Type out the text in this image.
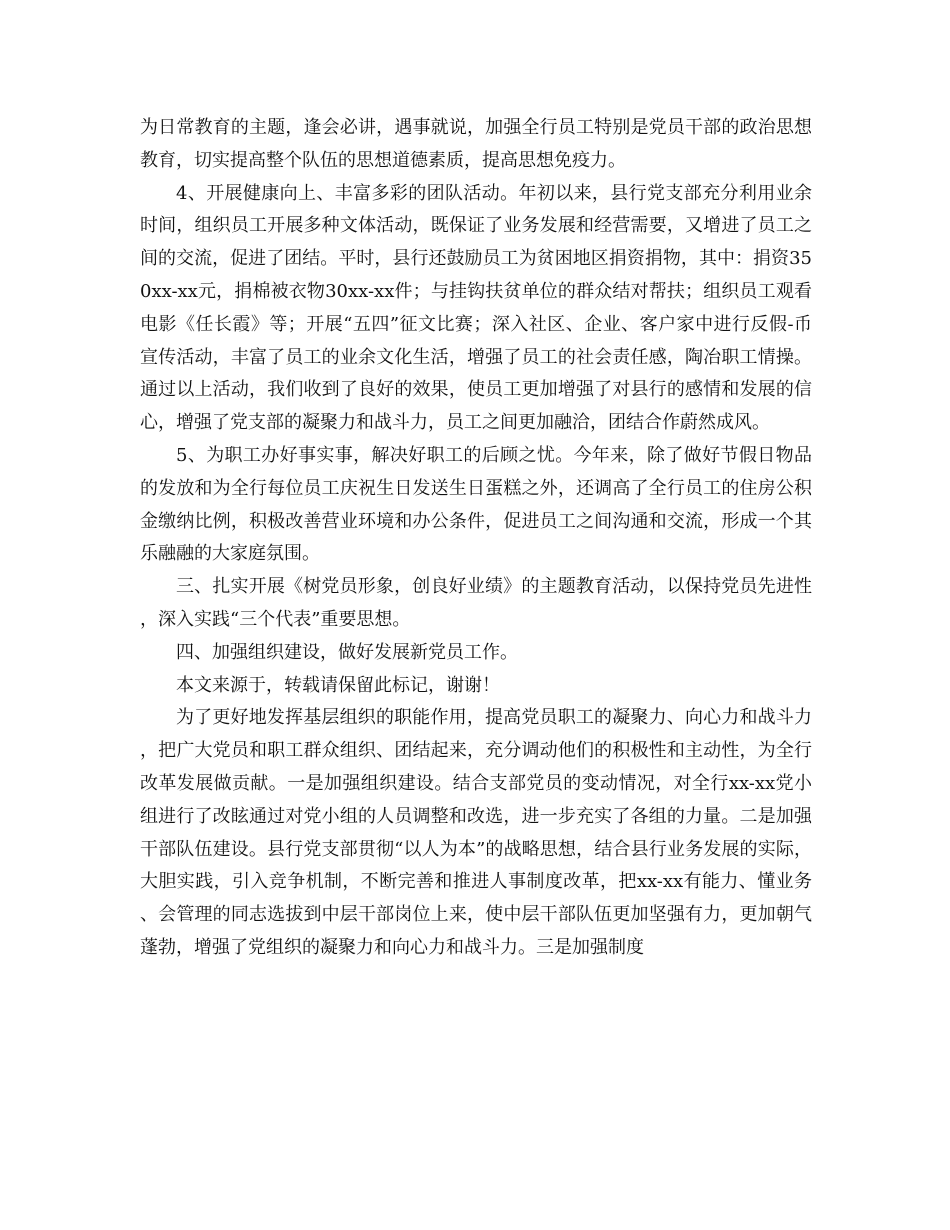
为日常教育的主题，逢会必讲，遇事就说，加强全行员工特别是党员干部的政治思想教育，切实提高整个队伍的思想道德素质，提高思想免疫力。

4、开展健康向上、丰富多彩的团队活动。年初以来，县行党支部充分利用业余时间，组织员工开展多种文体活动，既保证了业务发展和经营需要，又增进了员工之间的交流，促进了团结。平时，县行还鼓励员工为贫困地区捐资捐物，其中：捐资350xx-xx元，捐棉被衣物30xx-xx件；与挂钩扶贫单位的群众结对帮扶；组织员工观看电影《任长霞》等；开展“五四”征文比赛；深入社区、企业、客户家中进行反假-币宣传活动，丰富了员工的业余文化生活，增强了员工的社会责任感，陶冶职工情操。通过以上活动，我们收到了良好的效果，使员工更加增强了对县行的感情和发展的信心，增强了党支部的凝聚力和战斗力，员工之间更加融洽，团结合作蔚然成风。

5、为职工办好事实事，解决好职工的后顾之忧。今年来，除了做好节假日物品的发放和为全行每位员工庆祝生日发送生日蛋糕之外，还调高了全行员工的住房公积金缴纳比例，积极改善营业环境和办公条件，促进员工之间沟通和交流，形成一个其乐融融的大家庭氛围。

三、扎实开展《树党员形象，创良好业绩》的主题教育活动，以保持党员先进性，深入实践“三个代表”重要思想。

四、加强组织建设，做好发展新党员工作。

本文来源于，转载请保留此标记，谢谢！

为了更好地发挥基层组织的职能作用，提高党员职工的凝聚力、向心力和战斗力，把广大党员和职工群众组织、团结起来，充分调动他们的积极性和主动性，为全行改革发展做贡献。一是加强组织建设。结合支部党员的变动情况，对全行xx-xx党小组进行了改眩通过对党小组的人员调整和改选，进一步充实了各组的力量。二是加强干部队伍建设。县行党支部贯彻“以人为本”的战略思想，结合县行业务发展的实际，大胆实践，引入竞争机制，不断完善和推进人事制度改革，把xx-xx有能力、懂业务、会管理的同志选拔到中层干部岗位上来，使中层干部队伍更加坚强有力，更加朝气蓬勃，增强了党组织的凝聚力和向心力和战斗力。三是加强制度
